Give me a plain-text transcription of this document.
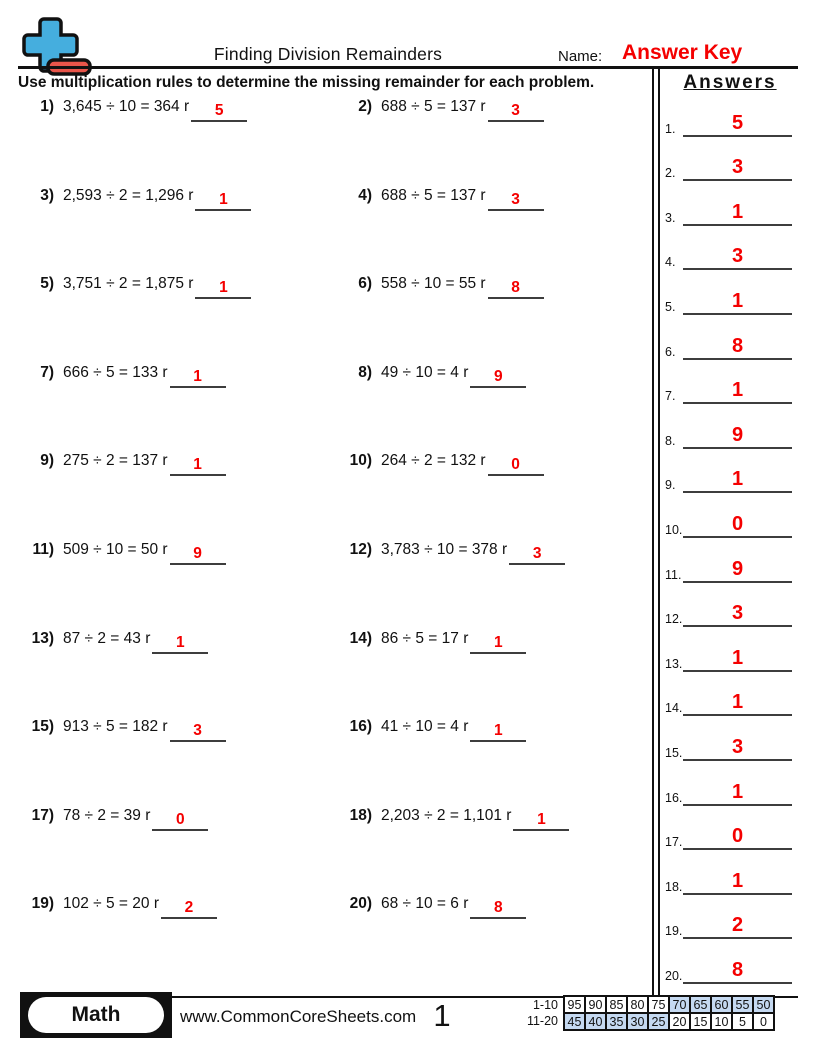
Finding Division Remainders	Name: Answer Key
Use multiplication rules to determine the missing remainder for each problem.
1) 3,645 ÷ 10 = 364 r 5	2) 688 ÷ 5 = 137 r 3
3) 2,593 ÷ 2 = 1,296 r 1	4) 688 ÷ 5 = 137 r 3
5) 3,751 ÷ 2 = 1,875 r 1	6) 558 ÷ 10 = 55 r 8
7) 666 ÷ 5 = 133 r 1	8) 49 ÷ 10 = 4 r 9
9) 275 ÷ 2 = 137 r 1	10) 264 ÷ 2 = 132 r 0
11) 509 ÷ 10 = 50 r 9	12) 3,783 ÷ 10 = 378 r 3
13) 87 ÷ 2 = 43 r 1	14) 86 ÷ 5 = 17 r 1
15) 913 ÷ 5 = 182 r 3	16) 41 ÷ 10 = 4 r 1
17) 78 ÷ 2 = 39 r 0	18) 2,203 ÷ 2 = 1,101 r 1
19) 102 ÷ 5 = 20 r 2	20) 68 ÷ 10 = 6 r 8
Answers
1.	5
2.	3
3.	1
4.	3
5.	1
6.	8
7.	1
8.	9
9.	1
10.	0
11.	9
12.	3
13.	1
14.	1
15.	3
16.	1
17.	0
18.	1
19.	2
20.	8
Math	www.CommonCoreSheets.com 1	1-10
11-20
95	90	85	80	75	70	65	60	55	50
45	40	35	30	25	20	15	10	5	0
